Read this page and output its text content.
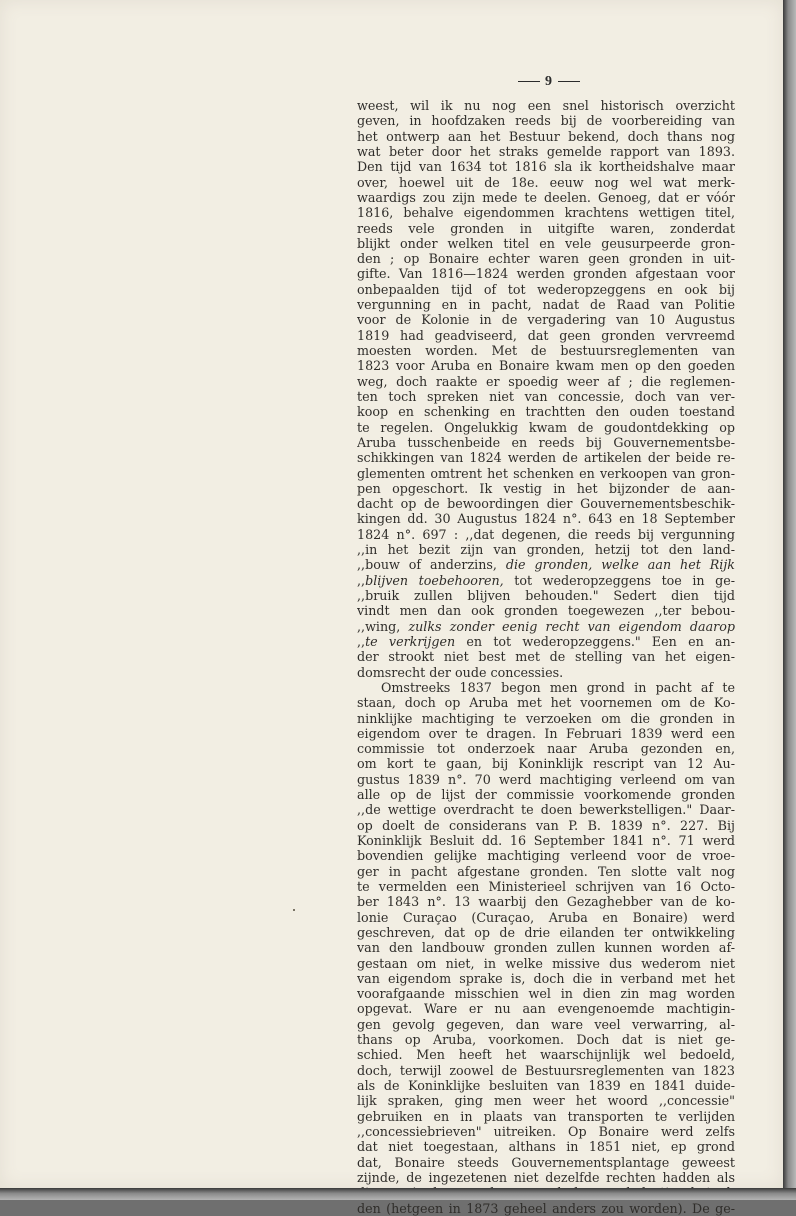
9
weest, wil ik nu nog een snel historisch overzicht
geven, in hoofdzaken reeds bij de voorbereiding van
het ontwerp aan het Bestuur bekend, doch thans nog
wat beter door het straks gemelde rapport van 1893.
Den tijd van 1634 tot 1816 sla ik kortheidshalve maar
over, hoewel uit de 18e. eeuw nog wel wat merk-
waardigs zou zijn mede te deelen. Genoeg, dat er vóór
1816, behalve eigendommen krachtens wettigen titel,
reeds vele gronden in uitgifte waren, zonderdat
blijkt onder welken titel en vele geusurpeerde gron-
den ; op Bonaire echter waren geen gronden in uit-
gifte. Van 1816—1824 werden gronden afgestaan voor
onbepaalden tijd of tot wederopzeggens en ook bij
vergunning en in pacht, nadat de Raad van Politie
voor de Kolonie in de vergadering van 10 Augustus
1819 had geadviseerd, dat geen gronden vervreemd
moesten worden. Met de bestuursreglementen van
1823 voor Aruba en Bonaire kwam men op den goeden
weg, doch raakte er spoedig weer af ; die reglemen-
ten toch spreken niet van concessie, doch van ver-
koop en schenking en trachtten den ouden toestand
te regelen. Ongelukkig kwam de goudontdekking op
Aruba tusschenbeide en reeds bij Gouvernementsbe-
schikkingen van 1824 werden de artikelen der beide re-
glementen omtrent het schenken en verkoopen van gron-
pen opgeschort. Ik vestig in het bijzonder de aan-
dacht op de bewoordingen dier Gouvernementsbeschik-
kingen dd. 30 Augustus 1824 n°. 643 en 18 September
1824 n°. 697 : ,,dat degenen, die reeds bij vergunning
,,in het bezit zijn van gronden, hetzij tot den land-
,,bouw of anderzins, die gronden, welke aan het Rijk
,,blijven toebehooren, tot wederopzeggens toe in ge-
,,bruik zullen blijven behouden." Sedert dien tijd
vindt men dan ook gronden toegewezen ,,ter bebou-
,,wing, zulks zonder eenig recht van eigendom daarop
,,te verkrijgen en tot wederopzeggens." Een en an-
der strookt niet best met de stelling van het eigen-
domsrecht der oude concessies.
Omstreeks 1837 begon men grond in pacht af te
staan, doch op Aruba met het voornemen om de Ko-
ninklijke machtiging te verzoeken om die gronden in
eigendom over te dragen. In Februari 1839 werd een
commissie tot onderzoek naar Aruba gezonden en,
om kort te gaan, bij Koninklijk rescript van 12 Au-
gustus 1839 n°. 70 werd machtiging verleend om van
alle op de lijst der commissie voorkomende gronden
,,de wettige overdracht te doen bewerkstelligen." Daar-
op doelt de considerans van P. B. 1839 n°. 227. Bij
Koninklijk Besluit dd. 16 September 1841 n°. 71 werd
bovendien gelijke machtiging verleend voor de vroe-
ger in pacht afgestane gronden. Ten slotte valt nog
te vermelden een Ministerieel schrijven van 16 Octo-
ber 1843 n°. 13 waarbij den Gezaghebber van de ko-
lonie Curaçao (Curaçao, Aruba en Bonaire) werd
geschreven, dat op de drie eilanden ter ontwikkeling
van den landbouw gronden zullen kunnen worden af-
gestaan om niet, in welke missive dus wederom niet
van eigendom sprake is, doch die in verband met het
voorafgaande misschien wel in dien zin mag worden
opgevat. Ware er nu aan evengenoemde machtigin-
gen gevolg gegeven, dan ware veel verwarring, al-
thans op Aruba, voorkomen. Doch dat is niet ge-
schied. Men heeft het waarschijnlijk wel bedoeld,
doch, terwijl zoowel de Bestuursreglementen van 1823
als de Koninklijke besluiten van 1839 en 1841 duide-
lijk spraken, ging men weer het woord ,,concessie"
gebruiken en in plaats van transporten te verlijden
,,concessiebrieven" uitreiken. Op Bonaire werd zelfs
dat niet toegestaan, althans in 1851 niet, ep grond
dat, Bonaire steeds Gouvernementsplantage geweest
zijnde, de ingezetenen niet dezelfde rechten hadden als
den (hetgeen in 1873 geheel anders zou worden). De ge-
